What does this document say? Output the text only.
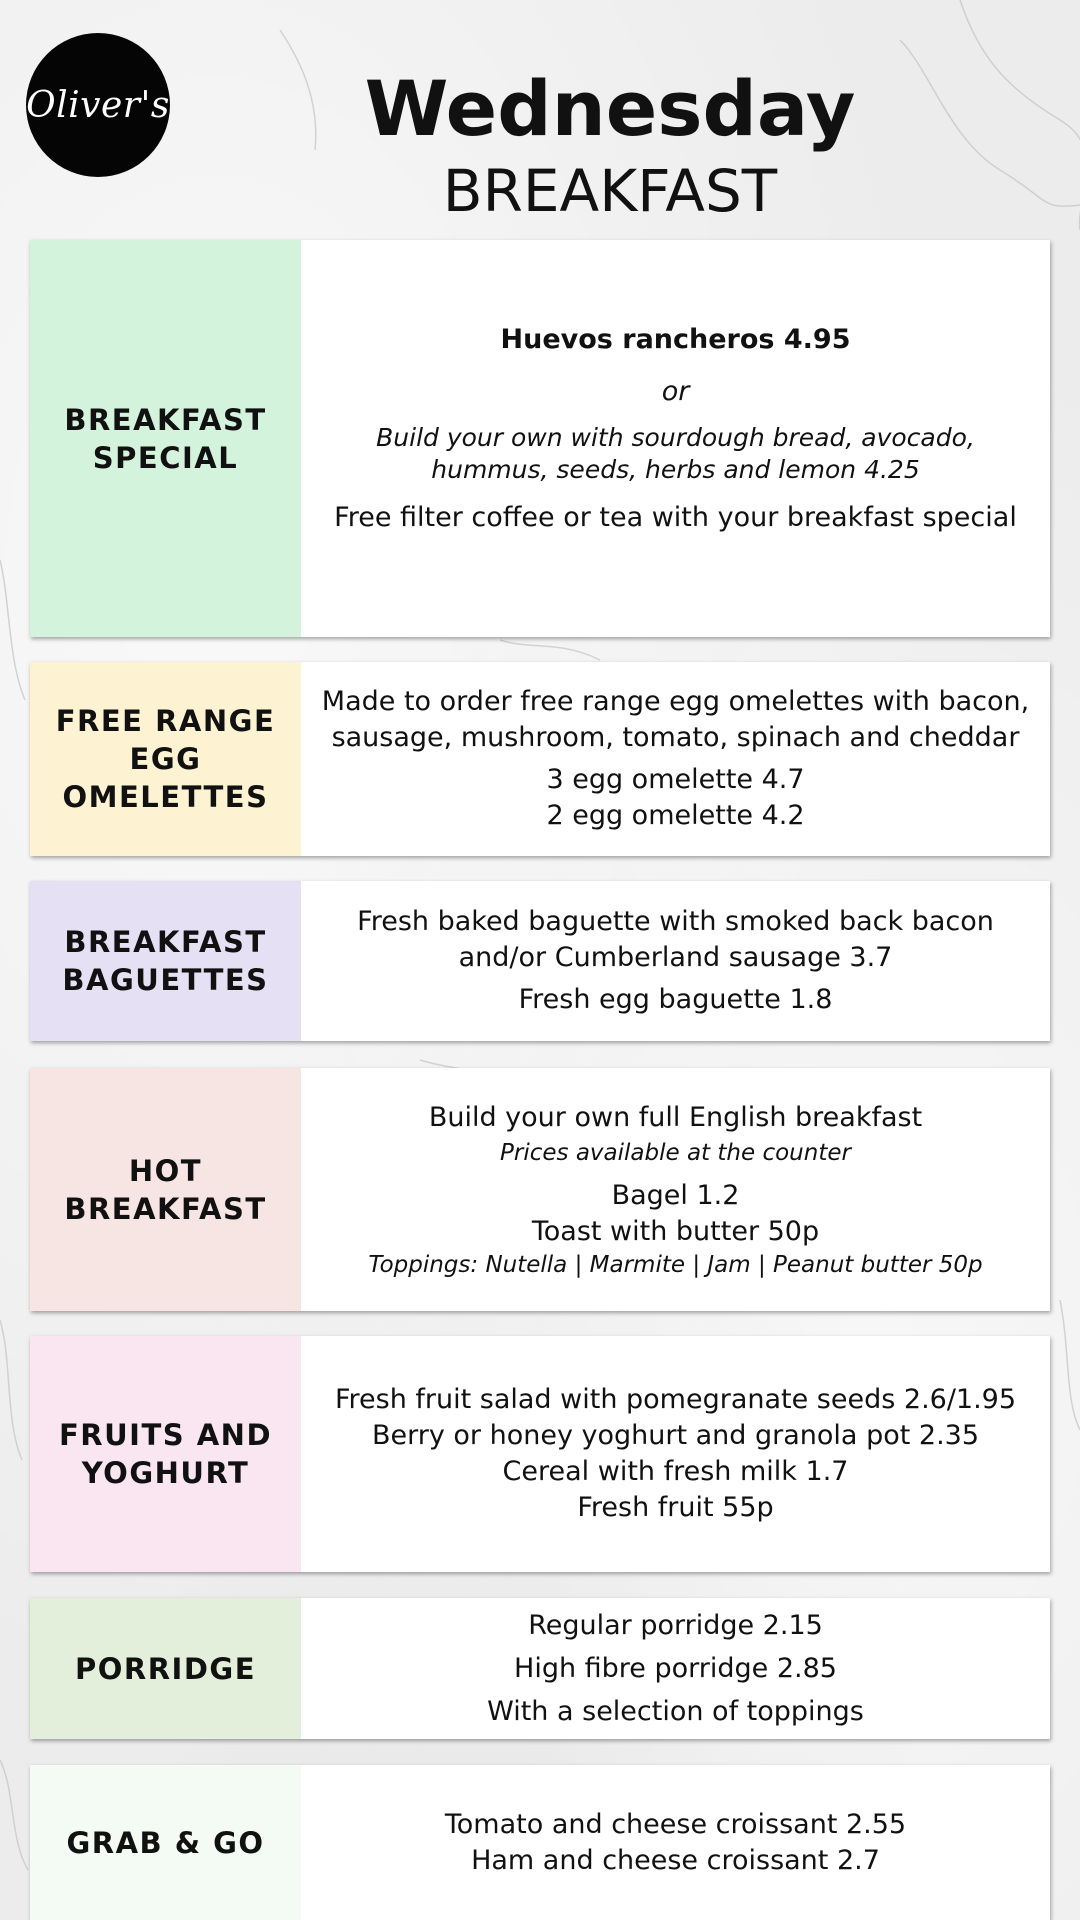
Oliver's	Wednesday
BREAKFAST
BREAKFAST
SPECIAL
Huevos rancheros 4.95
or
Build your own with sourdough bread, avocado, hummus, seeds, herbs and lemon 4.25
Free filter coffee or tea with your breakfast special
FREE RANGE
EGG
OMELETTES
Made to order free range egg omelettes with bacon, sausage, mushroom, tomato, spinach and cheddar
3 egg omelette 4.7
2 egg omelette 4.2
BREAKFAST
BAGUETTES
Fresh baked baguette with smoked back bacon and/or Cumberland sausage 3.7
Fresh egg baguette 1.8
HOT
BREAKFAST
Build your own full English breakfast
Prices available at the counter
Bagel 1.2
Toast with butter 50p
Toppings: Nutella | Marmite | Jam | Peanut butter 50p
FRUITS AND
YOGHURT
Fresh fruit salad with pomegranate seeds 2.6/1.95
Berry or honey yoghurt and granola pot 2.35
Cereal with fresh milk 1.7
Fresh fruit 55p
PORRIDGE
Regular porridge 2.15
High fibre porridge 2.85
With a selection of toppings
GRAB & GO
Tomato and cheese croissant 2.55
Ham and cheese croissant 2.7
